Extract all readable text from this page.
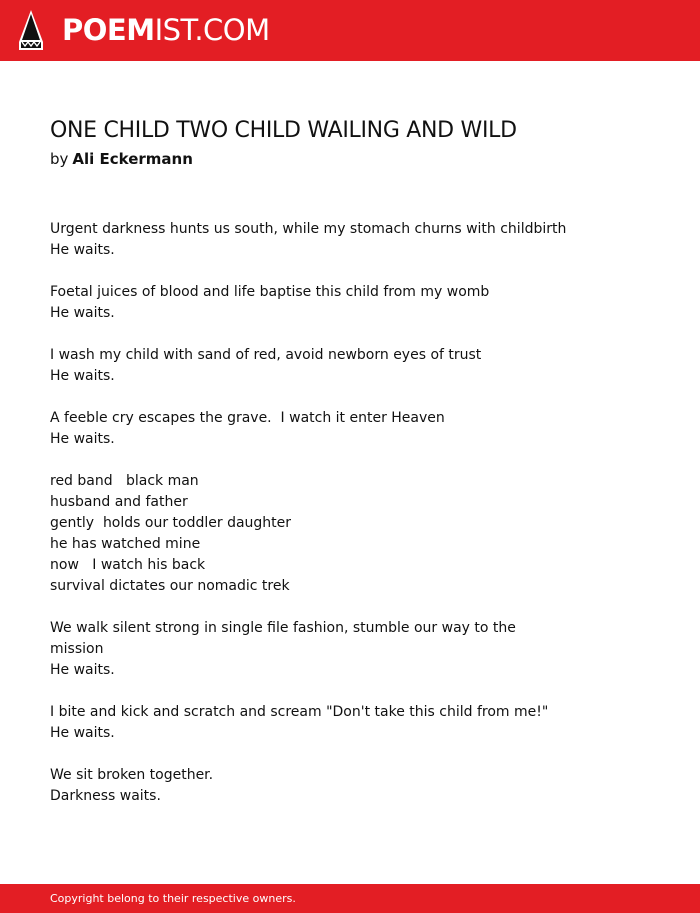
POEMIST.COM
ONE CHILD TWO CHILD WAILING AND WILD
by Ali Eckermann
Urgent darkness hunts us south, while my stomach churns with childbirth
He waits.
Foetal juices of blood and life baptise this child from my womb
He waits.
I wash my child with sand of red, avoid newborn eyes of trust
He waits.
A feeble cry escapes the grave.  I watch it enter Heaven
He waits.
red band   black man
husband and father
gently  holds our toddler daughter
he has watched mine
now   I watch his back
survival dictates our nomadic trek
We walk silent strong in single file fashion, stumble our way to the
mission
He waits.
I bite and kick and scratch and scream "Don't take this child from me!"
He waits.
We sit broken together.
Darkness waits.
Copyright belong to their respective owners.
